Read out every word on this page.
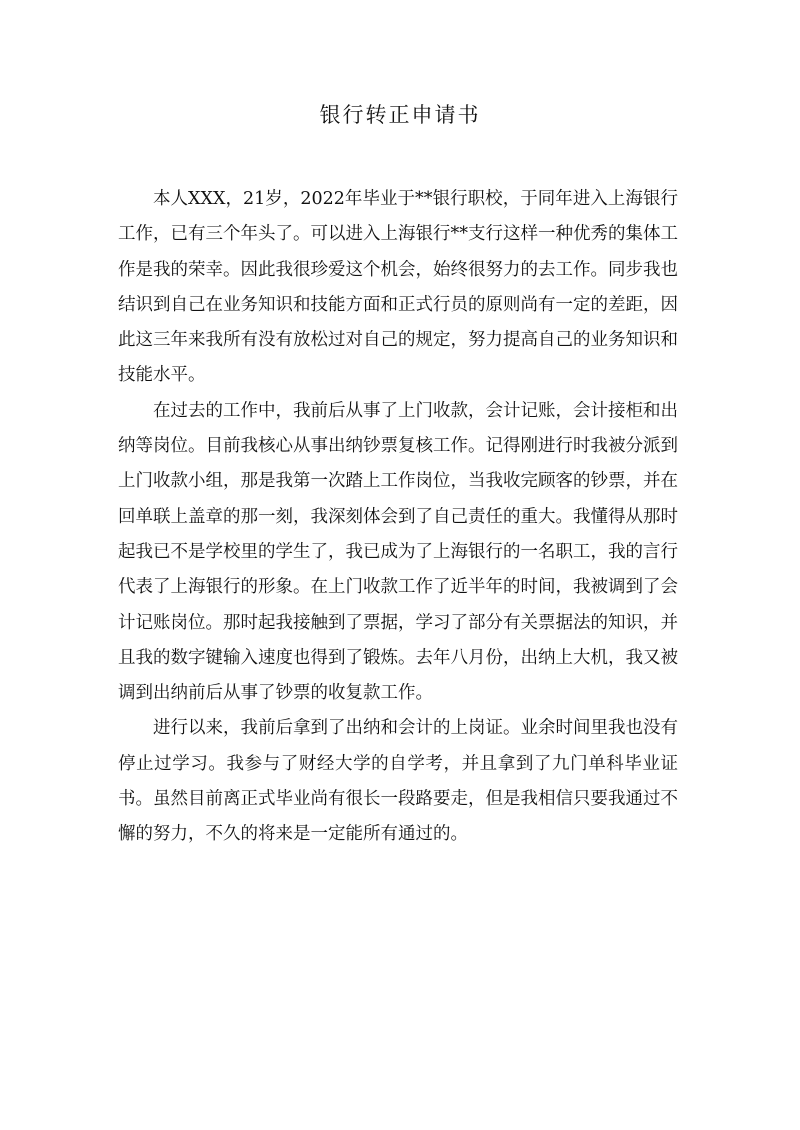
银行转正申请书

本人XXX，21岁，2022年毕业于**银行职校，于同年进入上海银行工作，已有三个年头了。可以进入上海银行**支行这样一种优秀的集体工作是我的荣幸。因此我很珍爱这个机会，始终很努力的去工作。同步我也结识到自己在业务知识和技能方面和正式行员的原则尚有一定的差距，因此这三年来我所有没有放松过对自己的规定，努力提高自己的业务知识和技能水平。

在过去的工作中，我前后从事了上门收款，会计记账，会计接柜和出纳等岗位。目前我核心从事出纳钞票复核工作。记得刚进行时我被分派到上门收款小组，那是我第一次踏上工作岗位，当我收完顾客的钞票，并在回单联上盖章的那一刻，我深刻体会到了自己责任的重大。我懂得从那时起我已不是学校里的学生了，我已成为了上海银行的一名职工，我的言行代表了上海银行的形象。在上门收款工作了近半年的时间，我被调到了会计记账岗位。那时起我接触到了票据，学习了部分有关票据法的知识，并且我的数字键输入速度也得到了锻炼。去年八月份，出纳上大机，我又被调到出纳前后从事了钞票的收复款工作。

进行以来，我前后拿到了出纳和会计的上岗证。业余时间里我也没有停止过学习。我参与了财经大学的自学考，并且拿到了九门单科毕业证书。虽然目前离正式毕业尚有很长一段路要走，但是我相信只要我通过不懈的努力，不久的将来是一定能所有通过的。
